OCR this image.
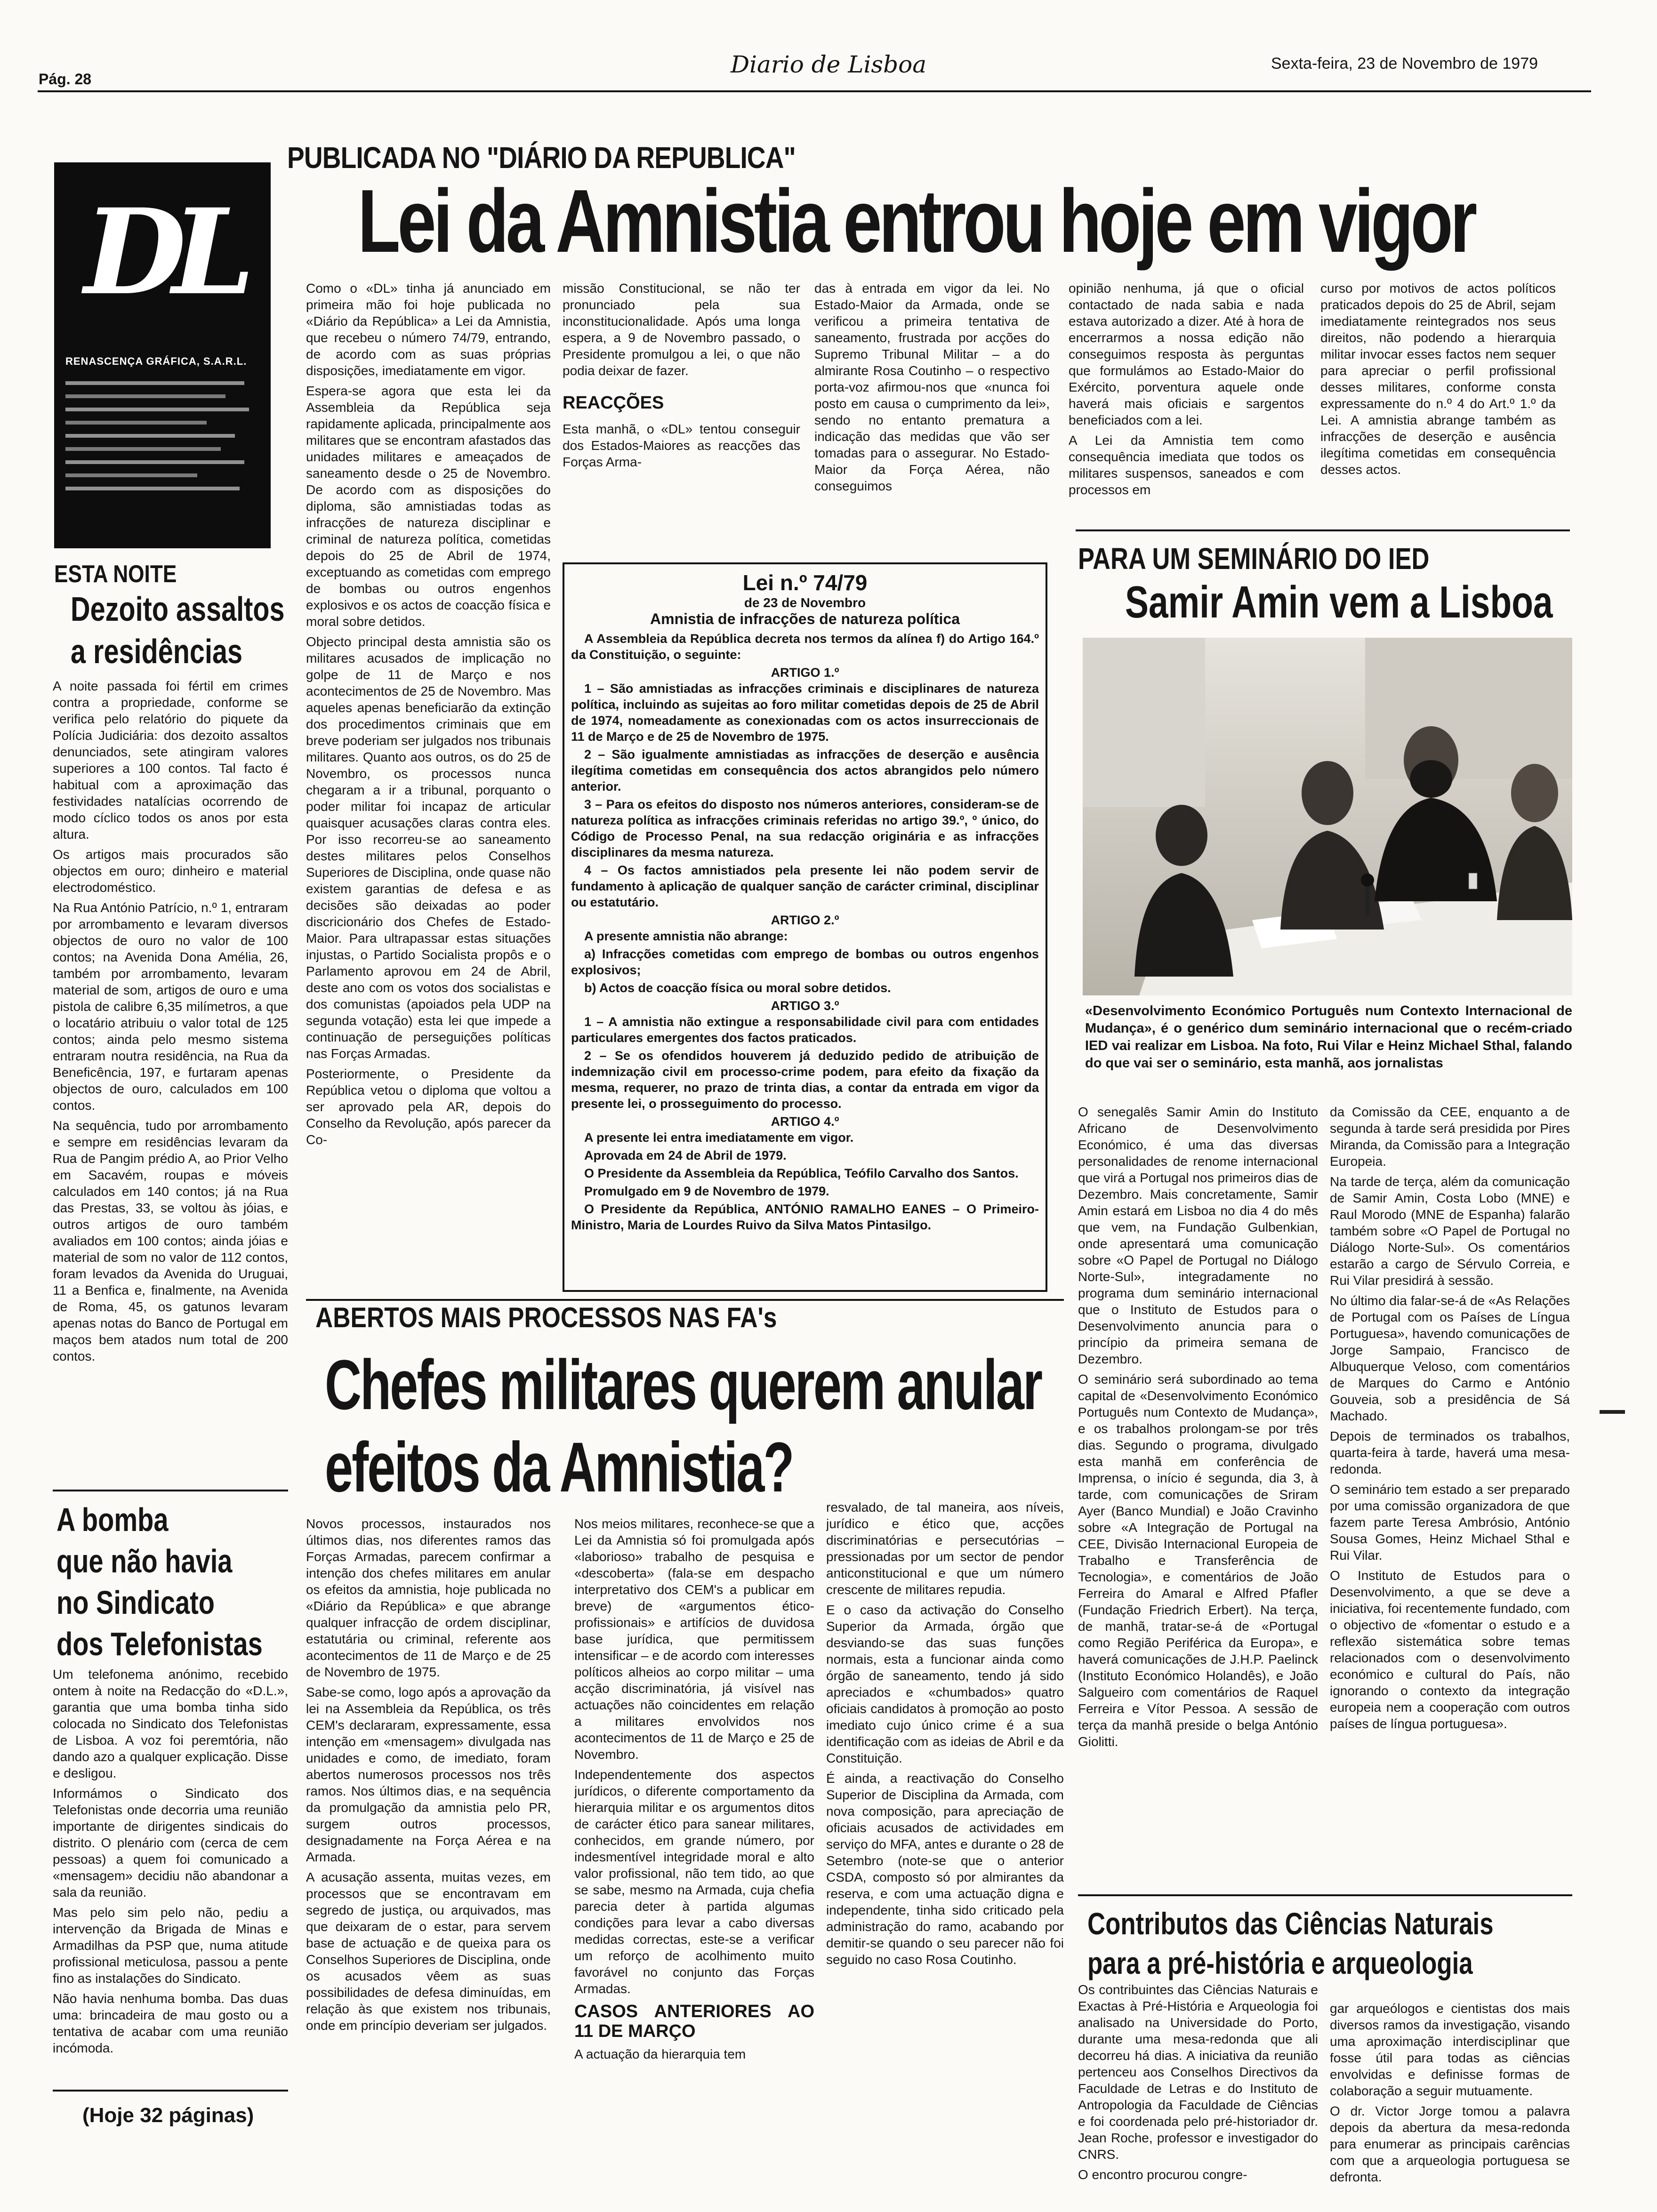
Pág. 28
Diario de Lisboa	Sexta-feira, 23 de Novembro de 1979
DL
RENASCENÇA GRÁFICA, S.A.R.L.
PUBLICADA NO "DIÁRIO DA REPUBLICA"
Lei da Amnistia entrou hoje em vigor

Como o «DL» tinha já anunciado em primeira mão foi hoje publicada no «Diário da República» a Lei da Amnistia, que recebeu o número 74/79, entrando, de acordo com as suas próprias disposições, imediatamente em vigor.

Espera-se agora que esta lei da Assembleia da República seja rapidamente aplicada, principalmente aos militares que se encontram afastados das unidades militares e ameaçados de saneamento desde o 25 de Novembro. De acordo com as disposições do diploma, são amnistiadas todas as infracções de natureza disciplinar e criminal de natureza política, cometidas depois do 25 de Abril de 1974, exceptuando as cometidas com emprego de bombas ou outros engenhos explosivos e os actos de coacção física e moral sobre detidos.

Objecto principal desta amnistia são os militares acusados de implicação no golpe de 11 de Março e nos acontecimentos de 25 de Novembro. Mas aqueles apenas beneficiarão da extinção dos procedimentos criminais que em breve poderiam ser julgados nos tribunais militares. Quanto aos outros, os do 25 de Novembro, os processos nunca chegaram a ir a tribunal, porquanto o poder militar foi incapaz de articular quaisquer acusações claras contra eles. Por isso recorreu-se ao saneamento destes militares pelos Conselhos Superiores de Disciplina, onde quase não existem garantias de defesa e as decisões são deixadas ao poder discricionário dos Chefes de Estado-Maior. Para ultrapassar estas situações injustas, o Partido Socialista propôs e o Parlamento aprovou em 24 de Abril, deste ano com os votos dos socialistas e dos comunistas (apoiados pela UDP na segunda votação) esta lei que impede a continuação de perseguições políticas nas Forças Armadas.

Posteriormente, o Presidente da República vetou o diploma que voltou a ser aprovado pela AR, depois do Conselho da Revolução, após parecer da Co-

missão Constitucional, se não ter pronunciado pela sua inconstitucionalidade. Após uma longa espera, a 9 de Novembro passado, o Presidente promulgou a lei, o que não podia deixar de fazer.

REACÇÕES

Esta manhã, o «DL» tentou conseguir dos Estados-Maiores as reacções das Forças Arma-

das à entrada em vigor da lei. No Estado-Maior da Armada, onde se verificou a primeira tentativa de saneamento, frustrada por acções do Supremo Tribunal Militar – a do almirante Rosa Coutinho – o respectivo porta-voz afirmou-nos que «nunca foi posto em causa o cumprimento da lei», sendo no entanto prematura a indicação das medidas que vão ser tomadas para o assegurar. No Estado-Maior da Força Aérea, não conseguimos

opinião nenhuma, já que o oficial contactado de nada sabia e nada estava autorizado a dizer. Até à hora de encerrarmos a nossa edição não conseguimos resposta às perguntas que formulámos ao Estado-Maior do Exército, porventura aquele onde haverá mais oficiais e sargentos beneficiados com a lei.

A Lei da Amnistia tem como consequência imediata que todos os militares suspensos, saneados e com processos em

curso por motivos de actos políticos praticados depois do 25 de Abril, sejam imediatamente reintegrados nos seus direitos, não podendo a hierarquia militar invocar esses factos nem sequer para apreciar o perfil profissional desses militares, conforme consta expressamente do n.º 4 do Art.º 1.º da Lei. A amnistia abrange também as infracções de deserção e ausência ilegítima cometidas em consequência desses actos.

Lei n.º 74/79
de 23 de Novembro
Amnistia de infracções de natureza política

A Assembleia da República decreta nos termos da alínea f) do Artigo 164.º da Constituição, o seguinte:

ARTIGO 1.º

1 – São amnistiadas as infracções criminais e disciplinares de natureza política, incluindo as sujeitas ao foro militar cometidas depois de 25 de Abril de 1974, nomeadamente as conexionadas com os actos insurreccionais de 11 de Março e de 25 de Novembro de 1975.

2 – São igualmente amnistiadas as infracções de deserção e ausência ilegítima cometidas em consequência dos actos abrangidos pelo número anterior.

3 – Para os efeitos do disposto nos números anteriores, consideram-se de natureza política as infracções criminais referidas no artigo 39.º, º único, do Código de Processo Penal, na sua redacção originária e as infracções disciplinares da mesma natureza.

4 – Os factos amnistiados pela presente lei não podem servir de fundamento à aplicação de qualquer sanção de carácter criminal, disciplinar ou estatutário.

ARTIGO 2.º

A presente amnistia não abrange:

a) Infracções cometidas com emprego de bombas ou outros engenhos explosivos;

b) Actos de coacção física ou moral sobre detidos.

ARTIGO 3.º

1 – A amnistia não extingue a responsabilidade civil para com entidades particulares emergentes dos factos praticados.

2 – Se os ofendidos houverem já deduzido pedido de atribuição de indemnização civil em processo-crime podem, para efeito da fixação da mesma, requerer, no prazo de trinta dias, a contar da entrada em vigor da presente lei, o prosseguimento do processo.

ARTIGO 4.º

A presente lei entra imediatamente em vigor.

Aprovada em 24 de Abril de 1979.

O Presidente da Assembleia da República, Teófilo Carvalho dos Santos.

Promulgado em 9 de Novembro de 1979.

O Presidente da República, ANTÓNIO RAMALHO EANES – O Primeiro-Ministro, Maria de Lourdes Ruivo da Silva Matos Pintasilgo.

ESTA NOITE
Dezoito assaltos
a residências

A noite passada foi fértil em crimes contra a propriedade, conforme se verifica pelo relatório do piquete da Polícia Judiciária: dos dezoito assaltos denunciados, sete atingiram valores superiores a 100 contos. Tal facto é habitual com a aproximação das festividades natalícias ocorrendo de modo cíclico todos os anos por esta altura.

Os artigos mais procurados são objectos em ouro; dinheiro e material electrodoméstico.

Na Rua António Patrício, n.º 1, entraram por arrombamento e levaram diversos objectos de ouro no valor de 100 contos; na Avenida Dona Amélia, 26, também por arrombamento, levaram material de som, artigos de ouro e uma pistola de calibre 6,35 milímetros, a que o locatário atribuiu o valor total de 125 contos; ainda pelo mesmo sistema entraram noutra residência, na Rua da Beneficência, 197, e furtaram apenas objectos de ouro, calculados em 100 contos.

Na sequência, tudo por arrombamento e sempre em residências levaram da Rua de Pangim prédio A, ao Prior Velho em Sacavém, roupas e móveis calculados em 140 contos; já na Rua das Prestas, 33, se voltou às jóias, e outros artigos de ouro também avaliados em 100 contos; ainda jóias e material de som no valor de 112 contos, foram levados da Avenida do Uruguai, 11 a Benfica e, finalmente, na Avenida de Roma, 45, os gatunos levaram apenas notas do Banco de Portugal em maços bem atados num total de 200 contos.

A bomba
que não havia
no Sindicato
dos Telefonistas

Um telefonema anónimo, recebido ontem à noite na Redacção do «D.L.», garantia que uma bomba tinha sido colocada no Sindicato dos Telefonistas de Lisboa. A voz foi peremtória, não dando azo a qualquer explicação. Disse e desligou.

Informámos o Sindicato dos Telefonistas onde decorria uma reunião importante de dirigentes sindicais do distrito. O plenário com (cerca de cem pessoas) a quem foi comunicado a «mensagem» decidiu não abandonar a sala da reunião.

Mas pelo sim pelo não, pediu a intervenção da Brigada de Minas e Armadilhas da PSP que, numa atitude profissional meticulosa, passou a pente fino as instalações do Sindicato.

Não havia nenhuma bomba. Das duas uma: brincadeira de mau gosto ou a tentativa de acabar com uma reunião incómoda.

(Hoje 32 páginas)
ABERTOS MAIS PROCESSOS NAS FA's
Chefes militares querem anular
efeitos da Amnistia?

Novos processos, instaurados nos últimos dias, nos diferentes ramos das Forças Armadas, parecem confirmar a intenção dos chefes militares em anular os efeitos da amnistia, hoje publicada no «Diário da República» e que abrange qualquer infracção de ordem disciplinar, estatutária ou criminal, referente aos acontecimentos de 11 de Março e de 25 de Novembro de 1975.

Sabe-se como, logo após a aprovação da lei na Assembleia da República, os três CEM's declararam, expressamente, essa intenção em «mensagem» divulgada nas unidades e como, de imediato, foram abertos numerosos processos nos três ramos. Nos últimos dias, e na sequência da promulgação da amnistia pelo PR, surgem outros processos, designadamente na Força Aérea e na Armada.

A acusação assenta, muitas vezes, em processos que se encontravam em segredo de justiça, ou arquivados, mas que deixaram de o estar, para servem base de actuação e de queixa para os Conselhos Superiores de Disciplina, onde os acusados vêem as suas possibilidades de defesa diminuídas, em relação às que existem nos tribunais, onde em princípio deveriam ser julgados.

Nos meios militares, reconhece-se que a Lei da Amnistia só foi promulgada após «laborioso» trabalho de pesquisa e «descoberta» (fala-se em despacho interpretativo dos CEM's a publicar em breve) de «argumentos ético-profissionais» e artifícios de duvidosa base jurídica, que permitissem intensificar – e de acordo com interesses políticos alheios ao corpo militar – uma acção discriminatória, já visível nas actuações não coincidentes em relação a militares envolvidos nos acontecimentos de 11 de Março e 25 de Novembro.

Independentemente dos aspectos jurídicos, o diferente comportamento da hierarquia militar e os argumentos ditos de carácter ético para sanear militares, conhecidos, em grande número, por indesmentível integridade moral e alto valor profissional, não tem tido, ao que se sabe, mesmo na Armada, cuja chefia parecia deter à partida algumas condições para levar a cabo diversas medidas correctas, este-se a verificar um reforço de acolhimento muito favorável no conjunto das Forças Armadas.

CASOS ANTERIORES AO 11 DE MARÇO

A actuação da hierarquia tem

resvalado, de tal maneira, aos níveis, jurídico e ético que, acções discriminatórias e persecutórias – pressionadas por um sector de pendor anticonstitucional e que um número crescente de militares repudia.

E o caso da activação do Conselho Superior da Armada, órgão que desviando-se das suas funções normais, esta a funcionar ainda como órgão de saneamento, tendo já sido apreciados e «chumbados» quatro oficiais candidatos à promoção ao posto imediato cujo único crime é a sua identificação com as ideias de Abril e da Constituição.

É ainda, a reactivação do Conselho Superior de Disciplina da Armada, com nova composição, para apreciação de oficiais acusados de actividades em serviço do MFA, antes e durante o 28 de Setembro (note-se que o anterior CSDA, composto só por almirantes da reserva, e com uma actuação digna e independente, tinha sido criticado pela administração do ramo, acabando por demitir-se quando o seu parecer não foi seguido no caso Rosa Coutinho.

PARA UM SEMINÁRIO DO IED
Samir Amin vem a Lisboa
«Desenvolvimento Económico Português num Contexto Internacional de Mudança», é o genérico dum seminário internacional que o recém-criado IED vai realizar em Lisboa. Na foto, Rui Vilar e Heinz Michael Sthal, falando do que vai ser o seminário, esta manhã, aos jornalistas

O senegalês Samir Amin do Instituto Africano de Desenvolvimento Económico, é uma das diversas personalidades de renome internacional que virá a Portugal nos primeiros dias de Dezembro. Mais concretamente, Samir Amin estará em Lisboa no dia 4 do mês que vem, na Fundação Gulbenkian, onde apresentará uma comunicação sobre «O Papel de Portugal no Diálogo Norte-Sul», integradamente no programa dum seminário internacional que o Instituto de Estudos para o Desenvolvimento anuncia para o princípio da primeira semana de Dezembro.

O seminário será subordinado ao tema capital de «Desenvolvimento Económico Português num Contexto de Mudança», e os trabalhos prolongam-se por três dias. Segundo o programa, divulgado esta manhã em conferência de Imprensa, o início é segunda, dia 3, à tarde, com comunicações de Sriram Ayer (Banco Mundial) e João Cravinho sobre «A Integração de Portugal na CEE, Divisão Internacional Europeia de Trabalho e Transferência de Tecnologia», e comentários de João Ferreira do Amaral e Alfred Pfafler (Fundação Friedrich Erbert). Na terça, de manhã, tratar-se-á de «Portugal como Região Periférica da Europa», e haverá comunicações de J.H.P. Paelinck (Instituto Económico Holandês), e João Salgueiro com comentários de Raquel Ferreira e Vítor Pessoa. A sessão de terça da manhã preside o belga António Giolitti.

da Comissão da CEE, enquanto a de segunda à tarde será presidida por Pires Miranda, da Comissão para a Integração Europeia.

Na tarde de terça, além da comunicação de Samir Amin, Costa Lobo (MNE) e Raul Morodo (MNE de Espanha) falarão também sobre «O Papel de Portugal no Diálogo Norte-Sul». Os comentários estarão a cargo de Sérvulo Correia, e Rui Vilar presidirá à sessão.

No último dia falar-se-á de «As Relações de Portugal com os Países de Língua Portuguesa», havendo comunicações de Jorge Sampaio, Francisco de Albuquerque Veloso, com comentários de Marques do Carmo e António Gouveia, sob a presidência de Sá Machado.

Depois de terminados os trabalhos, quarta-feira à tarde, haverá uma mesa-redonda.

O seminário tem estado a ser preparado por uma comissão organizadora de que fazem parte Teresa Ambrósio, António Sousa Gomes, Heinz Michael Sthal e Rui Vilar.

O Instituto de Estudos para o Desenvolvimento, a que se deve a iniciativa, foi recentemente fundado, com o objectivo de «fomentar o estudo e a reflexão sistemática sobre temas relacionados com o desenvolvimento económico e cultural do País, não ignorando o contexto da integração europeia nem a cooperação com outros países de língua portuguesa».

Contributos das Ciências Naturais
para a pré-história e arqueologia

Os contribuintes das Ciências Naturais e Exactas à Pré-História e Arqueologia foi analisado na Universidade do Porto, durante uma mesa-redonda que ali decorreu há dias. A iniciativa da reunião pertenceu aos Conselhos Directivos da Faculdade de Letras e do Instituto de Antropologia da Faculdade de Ciências e foi coordenada pelo pré-historiador dr. Jean Roche, professor e investigador do CNRS.

O encontro procurou congre-

gar arqueólogos e cientistas dos mais diversos ramos da investigação, visando uma aproximação interdisciplinar que fosse útil para todas as ciências envolvidas e definisse formas de colaboração a seguir mutuamente.

O dr. Victor Jorge tomou a palavra depois da abertura da mesa-redonda para enumerar as principais carências com que a arqueologia portuguesa se defronta.
